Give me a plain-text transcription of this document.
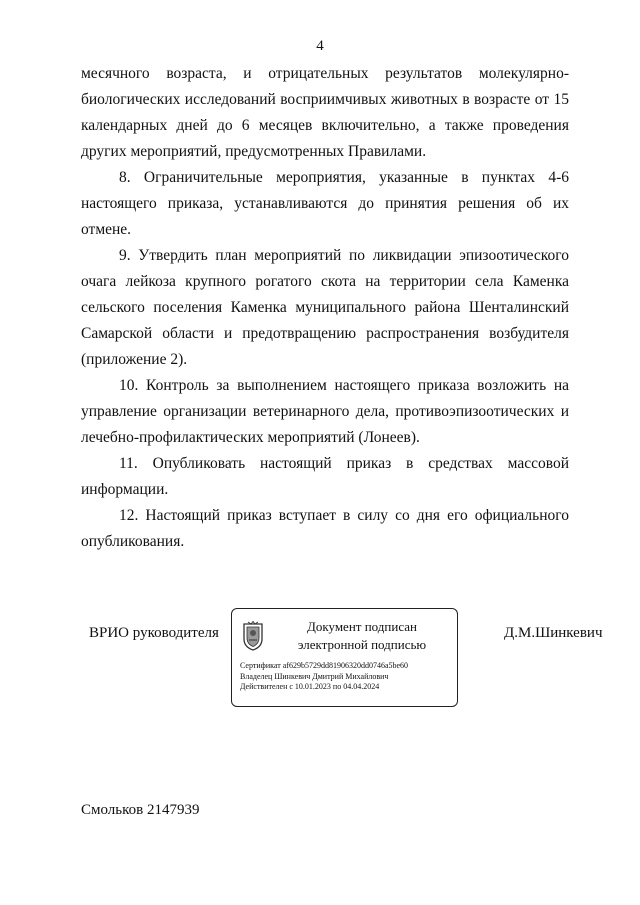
4

месячного возраста, и отрицательных результатов молекулярно-биологических исследований восприимчивых животных в возрасте от 15 календарных дней до 6 месяцев включительно, а также проведения других мероприятий, предусмотренных Правилами.

8. Ограничительные мероприятия, указанные в пунктах 4-6 настоящего приказа, устанавливаются до принятия решения об их отмене.

9. Утвердить план мероприятий по ликвидации эпизоотического очага лейкоза крупного рогатого скота на территории села Каменка сельского поселения Каменка муниципального района Шенталинский Самарской области и предотвращению распространения возбудителя (приложение 2).

10. Контроль за выполнением настоящего приказа возложить на управление организации ветеринарного дела, противоэпизоотических и лечебно-профилактических мероприятий (Лонеев).

11. Опубликовать настоящий приказ в средствах массовой информации.

12. Настоящий приказ вступает в силу со дня его официального опубликования.

ВРИО руководителя	Документ подписан
электронной подписью
Сертификат af629b5729dd81906320dd0746a5be60
Владелец Шинкевич Дмитрий Михайлович
Действителен с 10.01.2023 по 04.04.2024
Д.М.Шинкевич
Смольков 2147939
